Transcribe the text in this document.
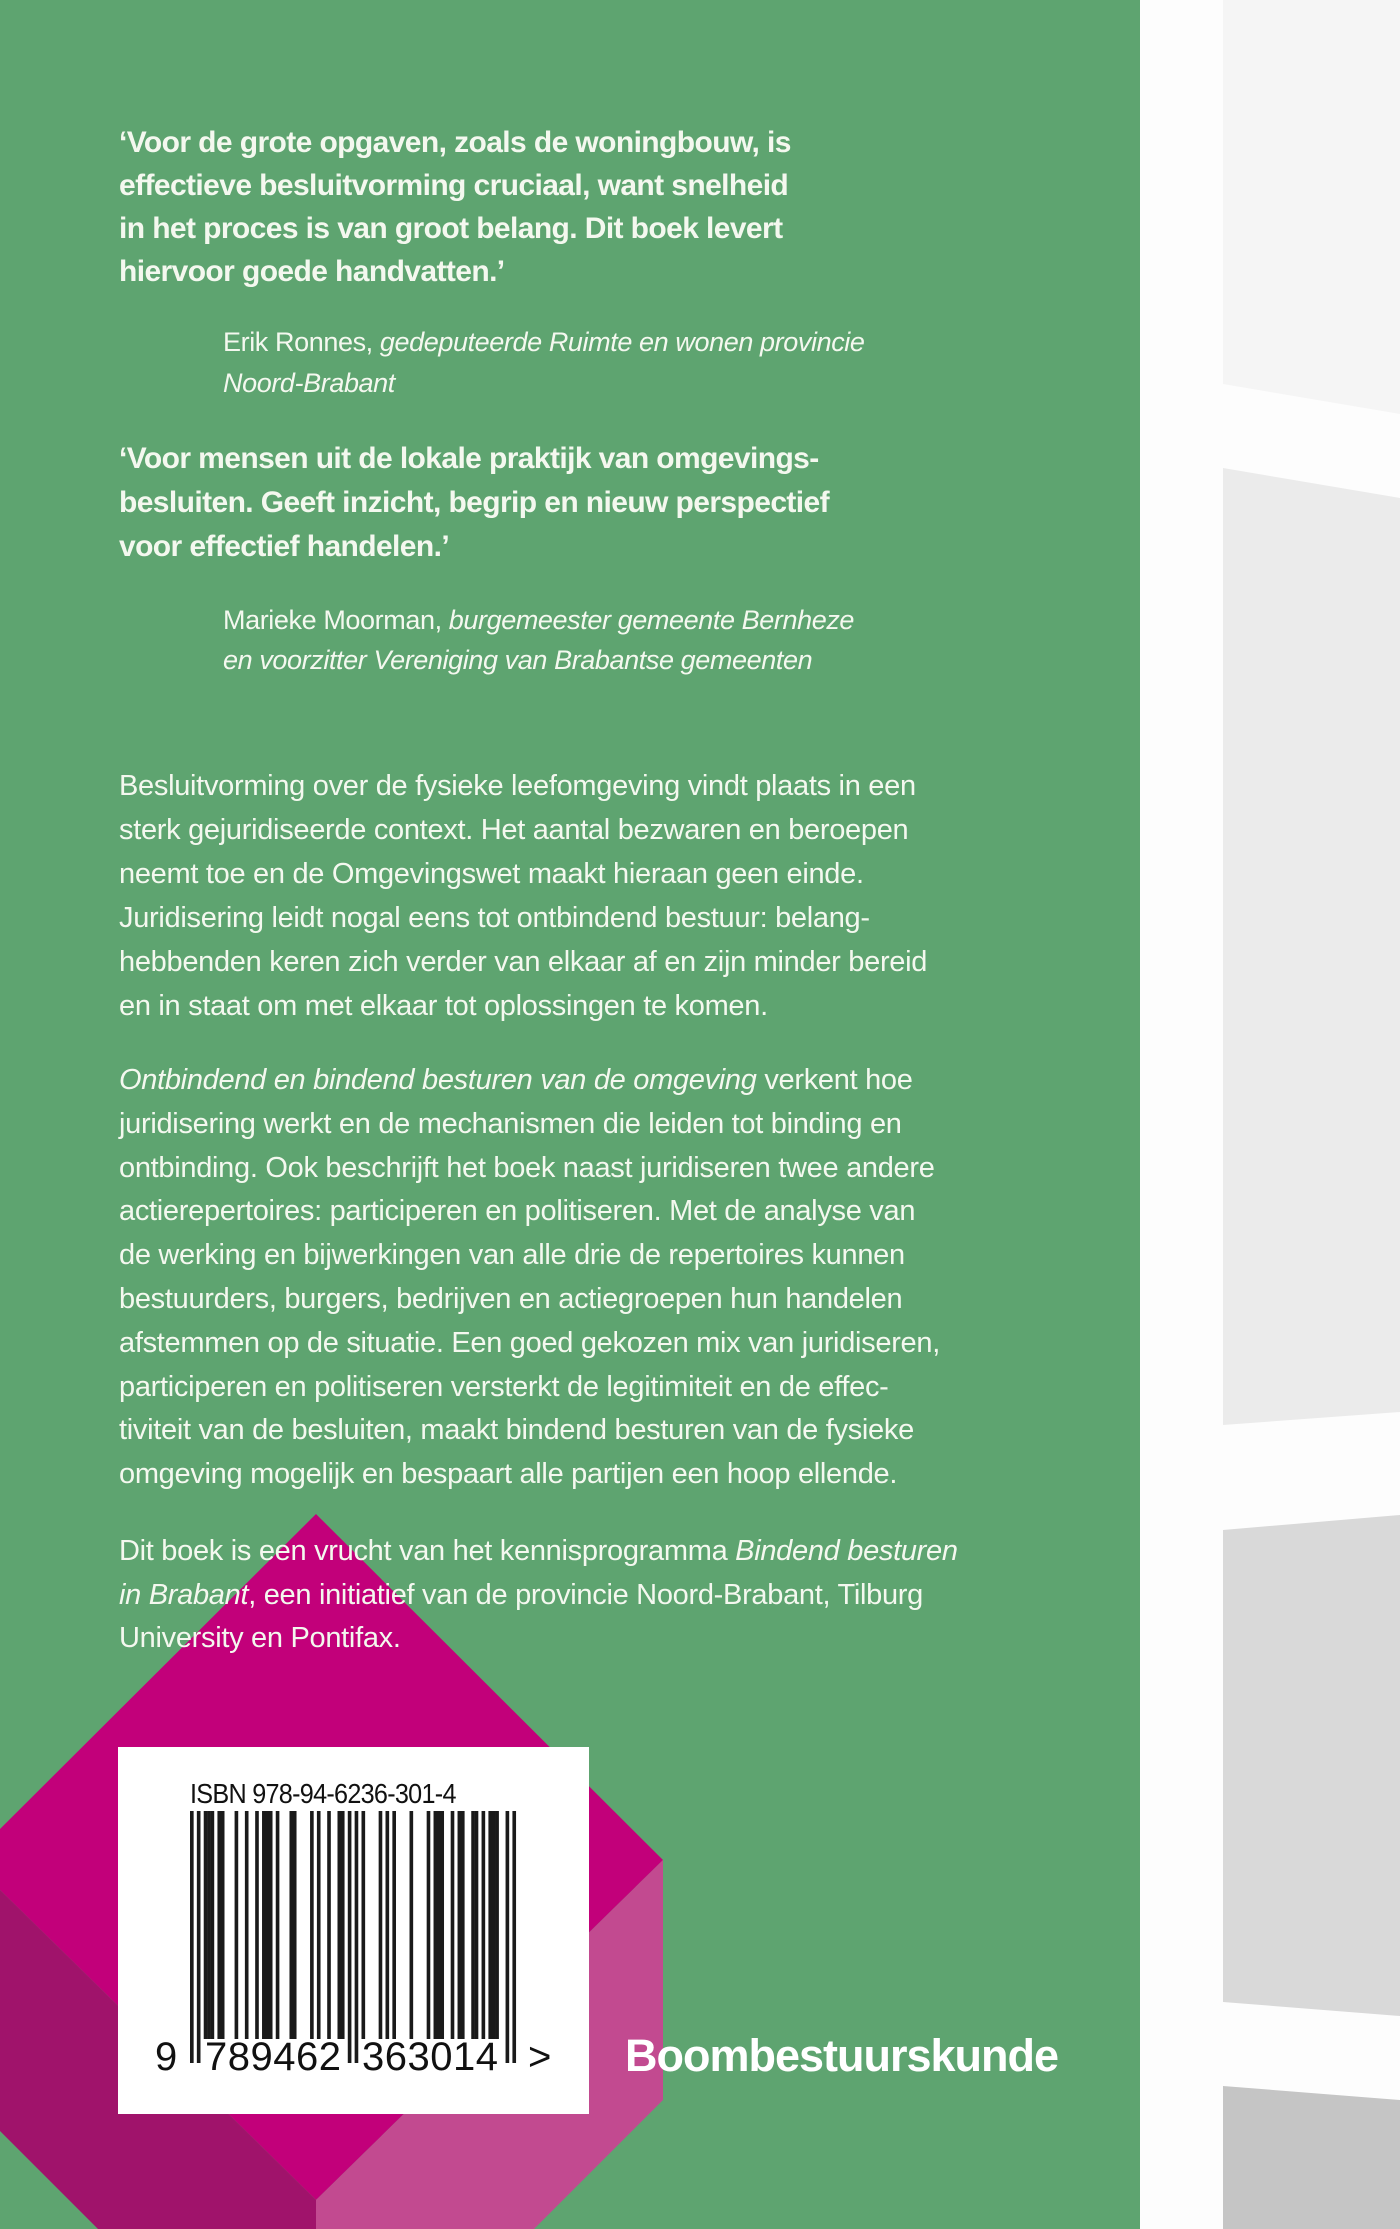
‘Voor de grote opgaven, zoals de woningbouw, is
effectieve besluitvorming cruciaal, want snelheid
in het proces is van groot belang. Dit boek levert
hiervoor goede handvatten.’
Erik Ronnes, gedeputeerde Ruimte en wonen provincie
Noord-Brabant
‘Voor mensen uit de lokale praktijk van omgevings-
besluiten. Geeft inzicht, begrip en nieuw perspectief
voor effectief handelen.’
Marieke Moorman, burgemeester gemeente Bernheze
en voorzitter Vereniging van Brabantse gemeenten
Besluitvorming over de fysieke leefomgeving vindt plaats in een
sterk gejuridiseerde context. Het aantal bezwaren en beroepen
neemt toe en de Omgevingswet maakt hieraan geen einde.
Juridisering leidt nogal eens tot ontbindend bestuur: belang-
hebbenden keren zich verder van elkaar af en zijn minder bereid
en in staat om met elkaar tot oplossingen te komen.
Ontbindend en bindend besturen van de omgeving verkent hoe
juridisering werkt en de mechanismen die leiden tot binding en
ontbinding. Ook beschrijft het boek naast juridiseren twee andere
actierepertoires: participeren en politiseren. Met de analyse van
de werking en bijwerkingen van alle drie de repertoires kunnen
bestuurders, burgers, bedrijven en actiegroepen hun handelen
afstemmen op de situatie. Een goed gekozen mix van juridiseren,
participeren en politiseren versterkt de legitimiteit en de effec-
tiviteit van de besluiten, maakt bindend besturen van de fysieke
omgeving mogelijk en bespaart alle partijen een hoop ellende.
Dit boek is een vrucht van het kennisprogramma Bindend besturen
in Brabant, een initiatief van de provincie Noord-Brabant, Tilburg
University en Pontifax.
ISBN 978-94-6236-301-4
9 789462 363014 > Boombestuurskunde
